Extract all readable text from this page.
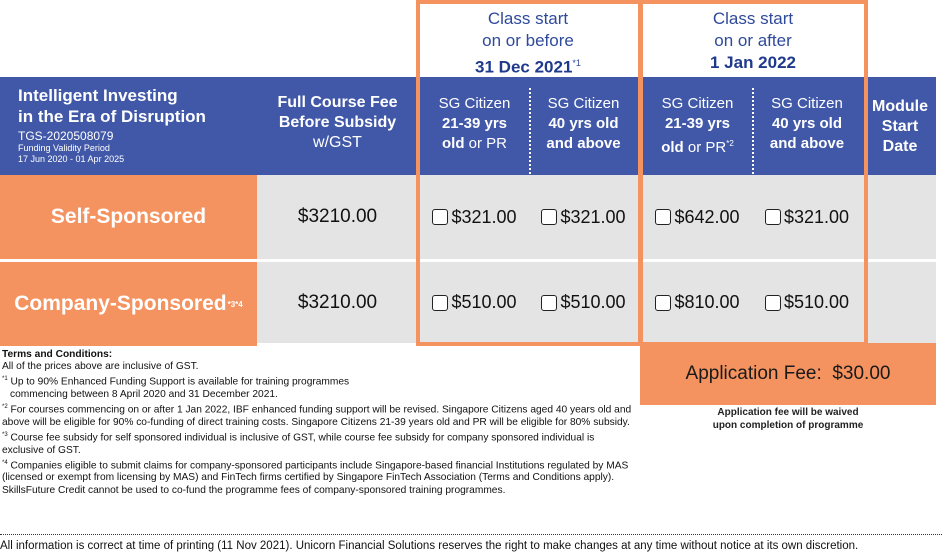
Class start
on or before
31 Dec 2021$^{*1}$
Class start
on or after
1 Jan 2022
Intelligent Investing
in the Era of Disruption
TGS-2020508079
Funding Validity Period
17 Jun 2020 - 01 Apr 2025
Full Course Fee
Before Subsidy
w/GST
SG Citizen
21-39 yrs
old or PR
SG Citizen
40 yrs old
and above
SG Citizen
21-39 yrs
old or PR$^{*2}$
SG Citizen
40 yrs old
and above
Module
Start
Date
Self-Sponsored	$3210.00	$321.00 $321.00	$642.00 $321.00
Company-Sponsored *3*4	$3210.00	$510.00 $510.00	$810.00 $510.00
Application Fee:
$30.00
Application fee will be waived
upon completion of programme

Terms and Conditions:

All of the prices above are inclusive of GST.

$^{*1}$ Up to 90% Enhanced Funding Support is available for training programmes

commencing between 8 April 2020 and 31 December 2021.

$^{*2}$ For courses commencing on or after 1 Jan 2022, IBF enhanced funding support will be revised. Singapore Citizens aged 40 years old and above will be eligible for 90% co-funding of direct training costs. Singapore Citizens 21-39 years old and PR will be eligible for 80% subsidy.

$^{*3}$ Course fee subsidy for self sponsored individual is inclusive of GST, while course fee subsidy for company sponsored individual is exclusive of GST.

$^{*4}$ Companies eligible to submit claims for company-sponsored participants include Singapore-based financial Institutions regulated by MAS (licensed or exempt from licensing by MAS) and FinTech firms certified by Singapore FinTech Association (Terms and Conditions apply). SkillsFuture Credit cannot be used to co-fund the programme fees of company-sponsored training programmes.

All information is correct at time of printing (11 Nov 2021). Unicorn Financial Solutions reserves the right to make changes at any time without notice at its own discretion.
